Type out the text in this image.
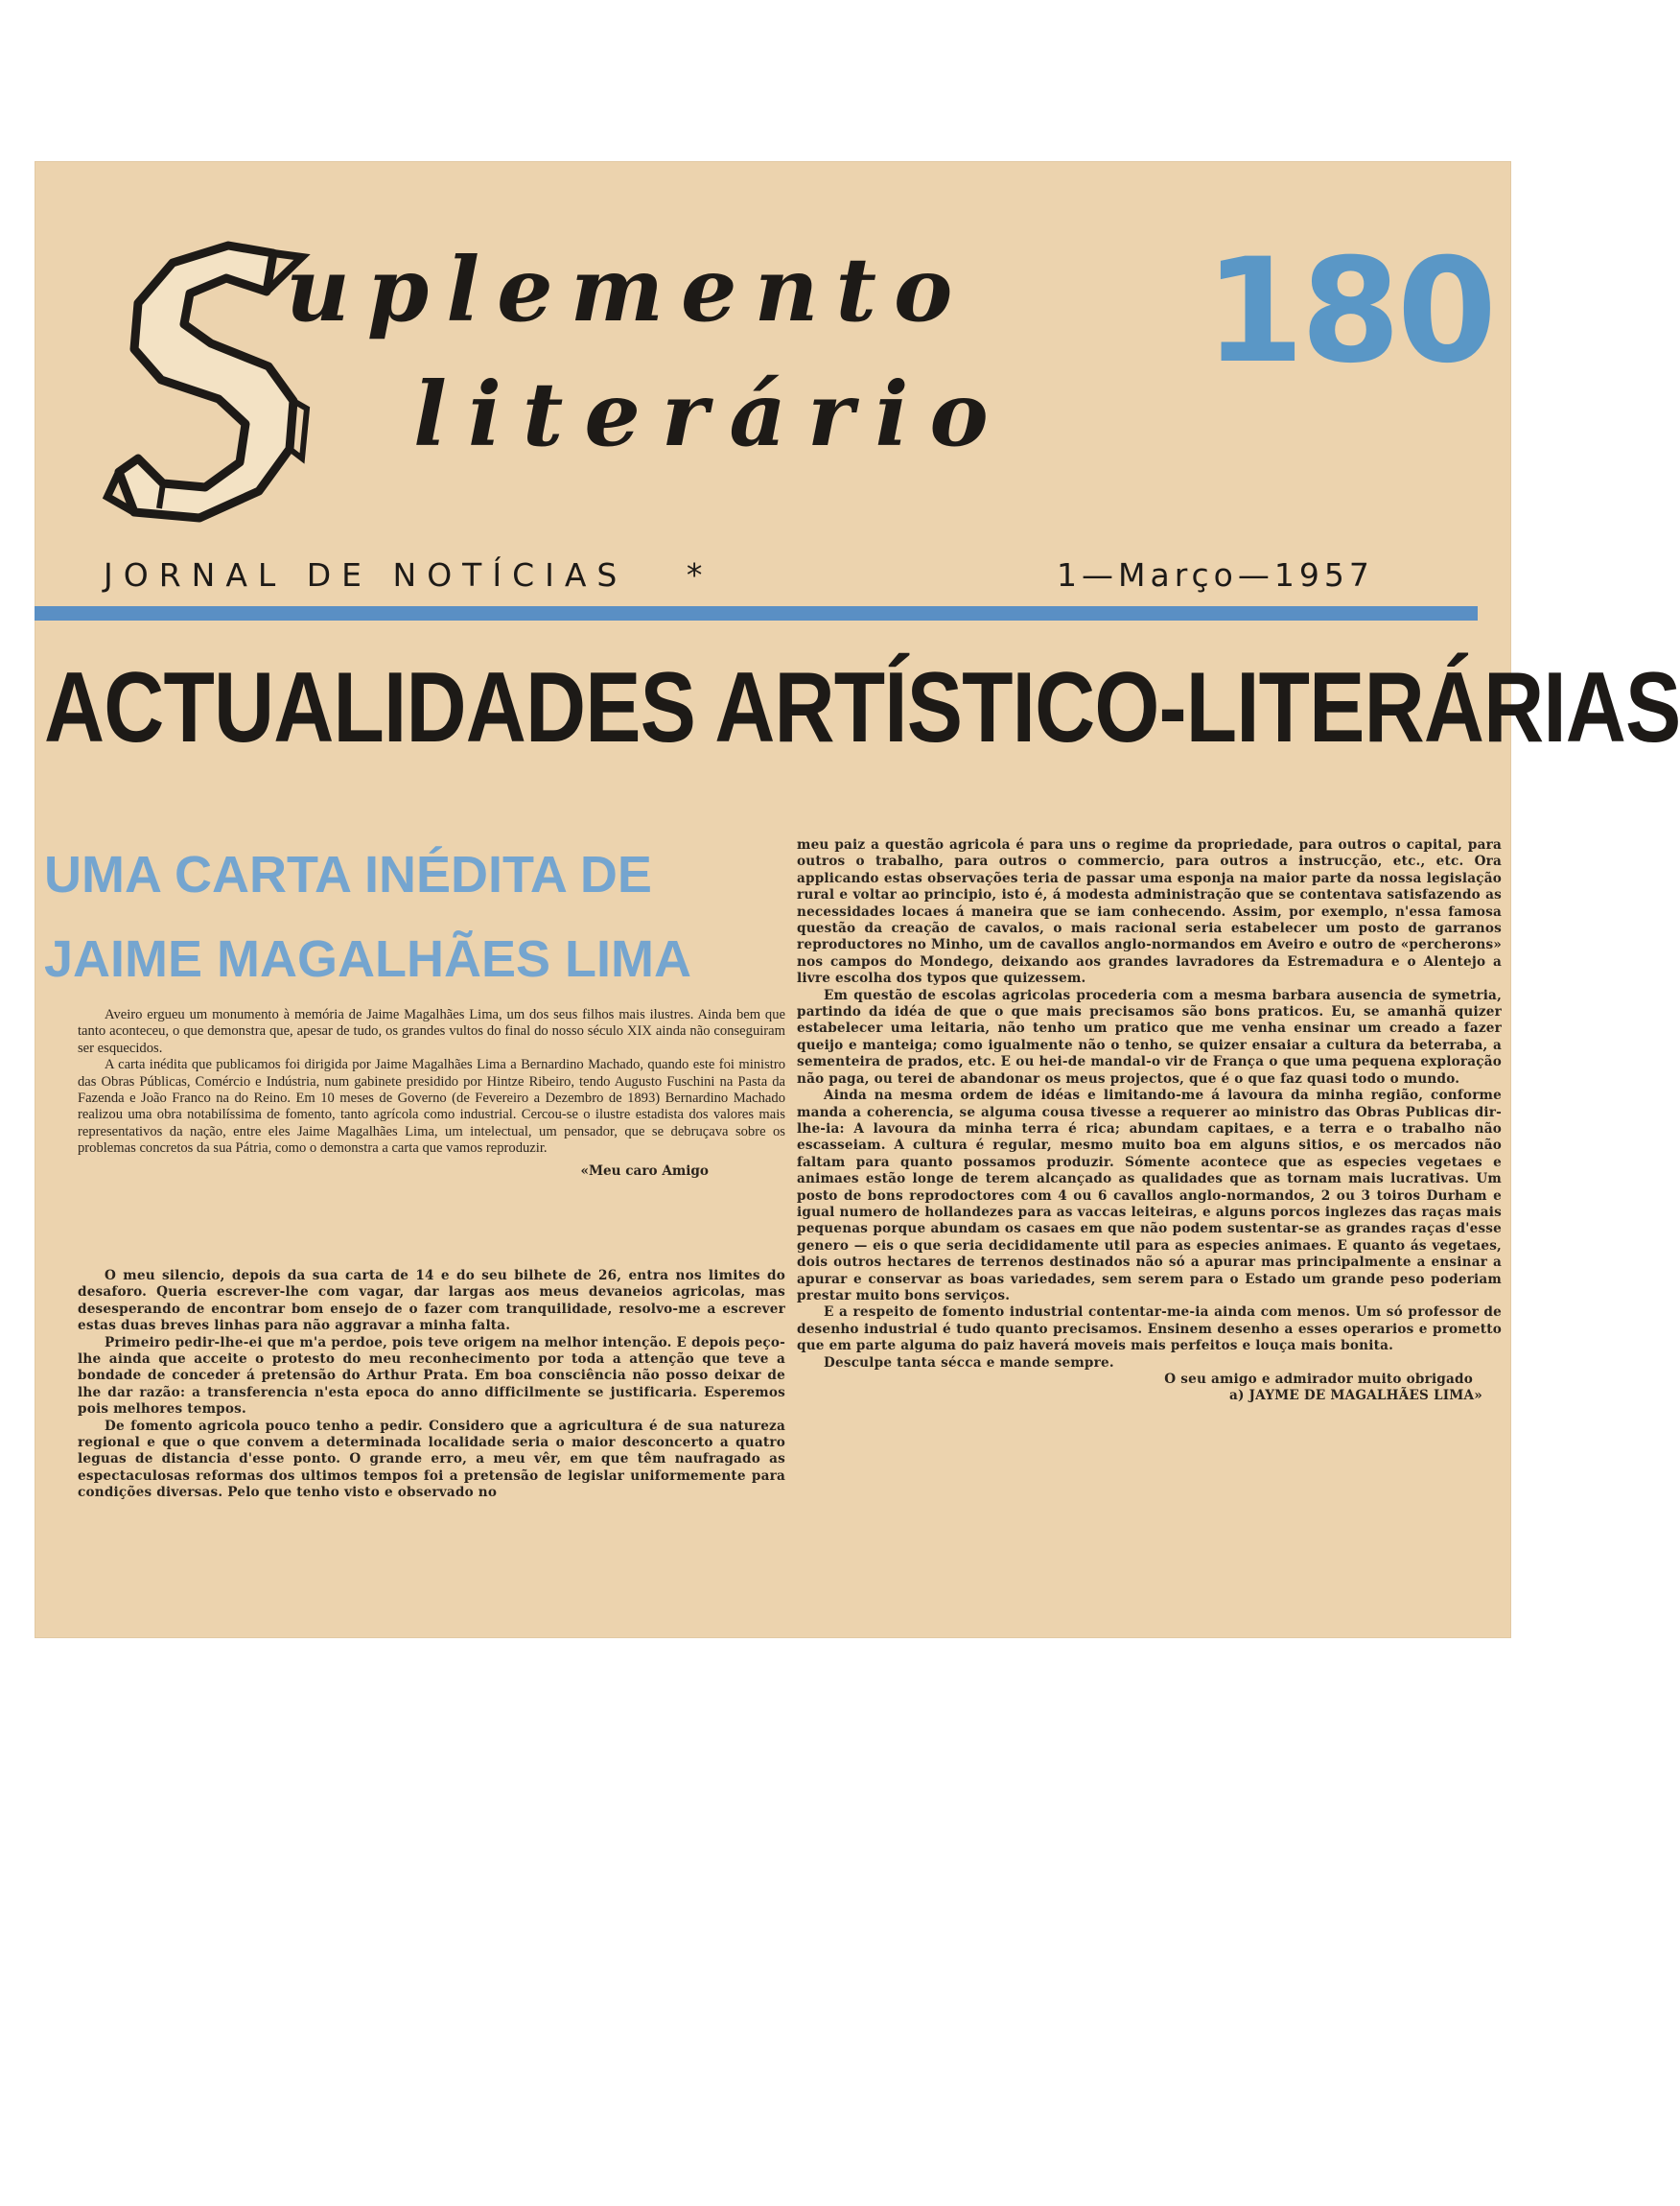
uplemento
literário
180
JORNAL DE NOTÍCIAS *	1—Março—1957
ACTUALIDADES ARTÍSTICO-LITERÁRIAS
UMA CARTA INÉDITA DE
JAIME MAGALHÃES LIMA

Aveiro ergueu um monumento à memória de Jaime Magalhães Lima, um dos seus filhos mais ilustres. Ainda bem que tanto aconteceu, o que demonstra que, apesar de tudo, os grandes vultos do final do nosso século XIX ainda não conseguiram ser esquecidos.

A carta inédita que publicamos foi dirigida por Jaime Magalhães Lima a Bernardino Machado, quando este foi ministro das Obras Públicas, Comércio e Indústria, num gabinete presidido por Hintze Ribeiro, tendo Augusto Fuschini na Pasta da Fazenda e João Franco na do Reino. Em 10 meses de Governo (de Fevereiro a Dezembro de 1893) Bernardino Machado realizou uma obra notabilíssima de fomento, tanto agrícola como industrial. Cercou-se o ilustre estadista dos valores mais representativos da nação, entre eles Jaime Magalhães Lima, um intelectual, um pensador, que se debruçava sobre os problemas concretos da sua Pátria, como o demonstra a carta que vamos reproduzir.

«Meu caro Amigo

O meu silencio, depois da sua carta de 14 e do seu bilhete de 26, entra nos limites do desaforo. Queria escrever-lhe com vagar, dar largas aos meus devaneios agricolas, mas desesperando de encontrar bom ensejo de o fazer com tranquilidade, resolvo-me a escrever estas duas breves linhas para não aggravar a minha falta.

Primeiro pedir-lhe-ei que m'a perdoe, pois teve origem na melhor intenção. E depois peço-lhe ainda que acceite o protesto do meu reconhecimento por toda a attenção que teve a bondade de conceder á pretensão do Arthur Prata. Em boa consciência não posso deixar de lhe dar razão: a transferencia n'esta epoca do anno difficilmente se justificaria. Esperemos pois melhores tempos.

De fomento agricola pouco tenho a pedir. Considero que a agricultura é de sua natureza regional e que o que convem a determinada localidade seria o maior desconcerto a quatro leguas de distancia d'esse ponto. O grande erro, a meu vêr, em que têm naufragado as espectaculosas reformas dos ultimos tempos foi a pretensão de legislar uniformemente para condições diversas. Pelo que tenho visto e observado no

meu paiz a questão agricola é para uns o regime da propriedade, para outros o capital, para outros o trabalho, para outros o commercio, para outros a instrucção, etc., etc. Ora applicando estas observações teria de passar uma esponja na maior parte da nossa legislação rural e voltar ao principio, isto é, á modesta administração que se contentava satisfazendo as necessidades locaes á maneira que se iam conhecendo. Assim, por exemplo, n'essa famosa questão da creação de cavalos, o mais racional seria estabelecer um posto de garranos reproductores no Minho, um de cavallos anglo-normandos em Aveiro e outro de «percherons» nos campos do Mondego, deixando aos grandes lavradores da Estremadura e o Alentejo a livre escolha dos typos que quizessem.

Em questão de escolas agricolas procederia com a mesma barbara ausencia de symetria, partindo da idéa de que o que mais precisamos são bons praticos. Eu, se amanhã quizer estabelecer uma leitaria, não tenho um pratico que me venha ensinar um creado a fazer queijo e manteiga; como igualmente não o tenho, se quizer ensaiar a cultura da beterraba, a sementeira de prados, etc. E ou hei-de mandal-o vir de França o que uma pequena exploração não paga, ou terei de abandonar os meus projectos, que é o que faz quasi todo o mundo.

Ainda na mesma ordem de idéas e limitando-me á lavoura da minha região, conforme manda a coherencia, se alguma cousa tivesse a requerer ao ministro das Obras Publicas dir-lhe-ia: A lavoura da minha terra é rica; abundam capitaes, e a terra e o trabalho não escasseiam. A cultura é regular, mesmo muito boa em alguns sitios, e os mercados não faltam para quanto possamos produzir. Sómente acontece que as especies vegetaes e animaes estão longe de terem alcançado as qualidades que as tornam mais lucrativas. Um posto de bons reprodoctores com 4 ou 6 cavallos anglo-normandos, 2 ou 3 toiros Durham e igual numero de hollandezes para as vaccas leiteiras, e alguns porcos inglezes das raças mais pequenas porque abundam os casaes em que não podem sustentar-se as grandes raças d'esse genero — eis o que seria decididamente util para as especies animaes. E quanto ás vegetaes, dois outros hectares de terrenos destinados não só a apurar mas principalmente a ensinar a apurar e conservar as boas variedades, sem serem para o Estado um grande peso poderiam prestar muito bons serviços.

E a respeito de fomento industrial contentar-me-ia ainda com menos. Um só professor de desenho industrial é tudo quanto precisamos. Ensinem desenho a esses operarios e prometto que em parte alguma do paiz haverá moveis mais perfeitos e louça mais bonita.

Desculpe tanta sécca e mande sempre.

O seu amigo e admirador muito obrigado

a) JAYME DE MAGALHÃES LIMA»
